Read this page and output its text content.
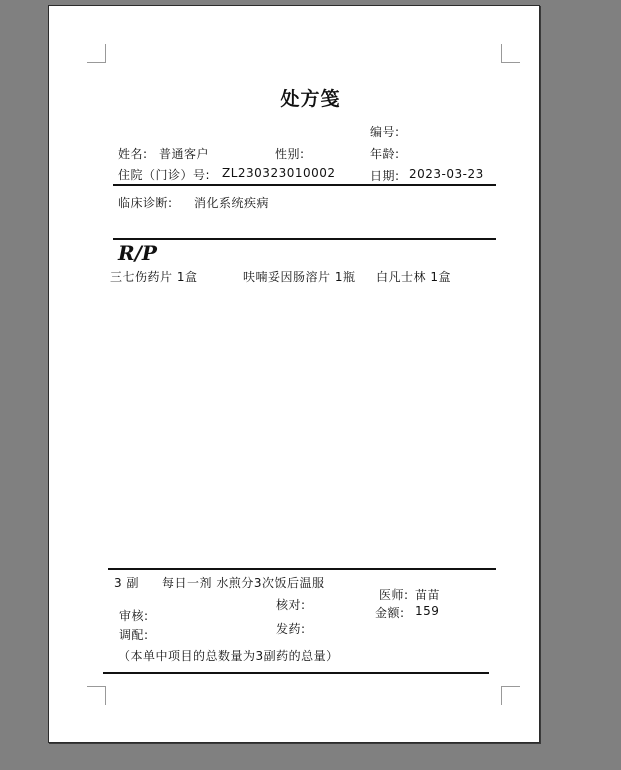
处方笺
编号:
姓名: 普通客户	性别:	年龄:
住院（门诊）号: ZL230323010002	日期: 2023-03-23
临床诊断: 消化系统疾病
R/P
三七伤药片 1盒	呋喃妥因肠溶片 1瓶	白凡士林 1盒
3 副 每日一剂 水煎分3次饭后温服
医师: 苗苗
核对:
金额: 159
审核:
发药:
调配:
（本单中项目的总数量为3副药的总量）
